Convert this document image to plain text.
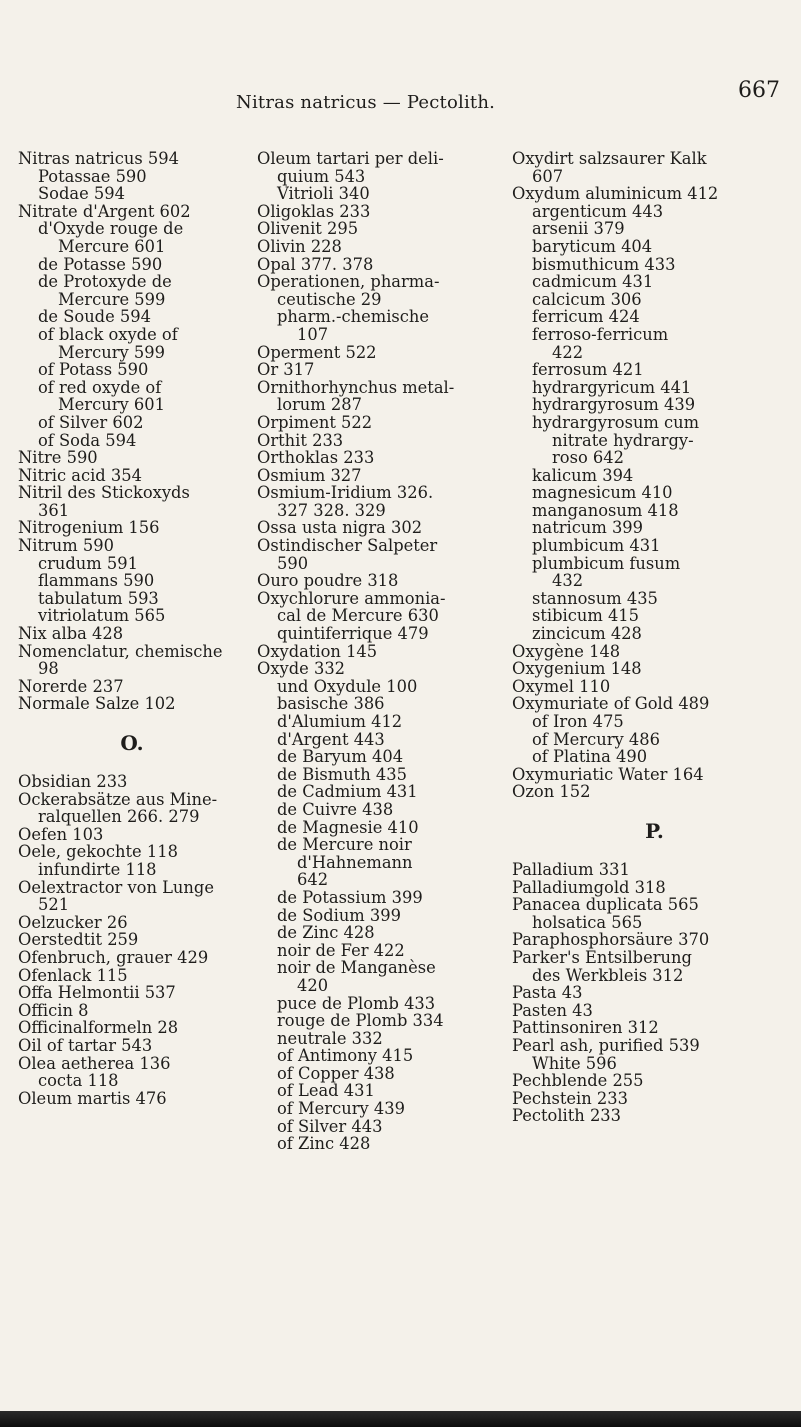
Nitras natricus — Pectolith.	667
Nitras natricus 594
Potassae 590
Sodae 594
Nitrate d'Argent 602
d'Oxyde rouge de
Mercure 601
de Potasse 590
de Protoxyde de
Mercure 599
de Soude 594
of black oxyde of
Mercury 599
of Potass 590
of red oxyde of
Mercury 601
of Silver 602
of Soda 594
Nitre 590
Nitric acid 354
Nitril des Stickoxyds
361
Nitrogenium 156
Nitrum 590
crudum 591
flammans 590
tabulatum 593
vitriolatum 565
Nix alba 428
Nomenclatur, chemische
98
Norerde 237
Normale Salze 102
O.
Obsidian 233
Ockerabsätze aus Mine-
ralquellen 266. 279
Oefen 103
Oele, gekochte 118
infundirte 118
Oelextractor von Lunge
521
Oelzucker 26
Oerstedtit 259
Ofenbruch, grauer 429
Ofenlack 115
Offa Helmontii 537
Officin 8
Officinalformeln 28
Oil of tartar 543
Olea aetherea 136
cocta 118
Oleum martis 476
Oleum tartari per deli-
quium 543
Vitrioli 340
Oligoklas 233
Olivenit 295
Olivin 228
Opal 377. 378
Operationen, pharma-
ceutische 29
pharm.-chemische
107
Operment 522
Or 317
Ornithorhynchus metal-
lorum 287
Orpiment 522
Orthit 233
Orthoklas 233
Osmium 327
Osmium-Iridium 326.
327 328. 329
Ossa usta nigra 302
Ostindischer Salpeter
590
Ouro poudre 318
Oxychlorure ammonia-
cal de Mercure 630
quintiferrique 479
Oxydation 145
Oxyde 332
und Oxydule 100
basische 386
d'Alumium 412
d'Argent 443
de Baryum 404
de Bismuth 435
de Cadmium 431
de Cuivre 438
de Magnesie 410
de Mercure noir
d'Hahnemann
642
de Potassium 399
de Sodium 399
de Zinc 428
noir de Fer 422
noir de Manganèse
420
puce de Plomb 433
rouge de Plomb 334
neutrale 332
of Antimony 415
of Copper 438
of Lead 431
of Mercury 439
of Silver 443
of Zinc 428
Oxydirt salzsaurer Kalk
607
Oxydum aluminicum 412
argenticum 443
arsenii 379
baryticum 404
bismuthicum 433
cadmicum 431
calcicum 306
ferricum 424
ferroso-ferricum
422
ferrosum 421
hydrargyricum 441
hydrargyrosum 439
hydrargyrosum cum
nitrate hydrargy-
roso 642
kalicum 394
magnesicum 410
manganosum 418
natricum 399
plumbicum 431
plumbicum fusum
432
stannosum 435
stibicum 415
zincicum 428
Oxygène 148
Oxygenium 148
Oxymel 110
Oxymuriate of Gold 489
of Iron 475
of Mercury 486
of Platina 490
Oxymuriatic Water 164
Ozon 152
P.
Palladium 331
Palladiumgold 318
Panacea duplicata 565
holsatica 565
Paraphosphorsäure 370
Parker's Entsilberung
des Werkbleis 312
Pasta 43
Pasten 43
Pattinsoniren 312
Pearl ash, purified 539
White 596
Pechblende 255
Pechstein 233
Pectolith 233
